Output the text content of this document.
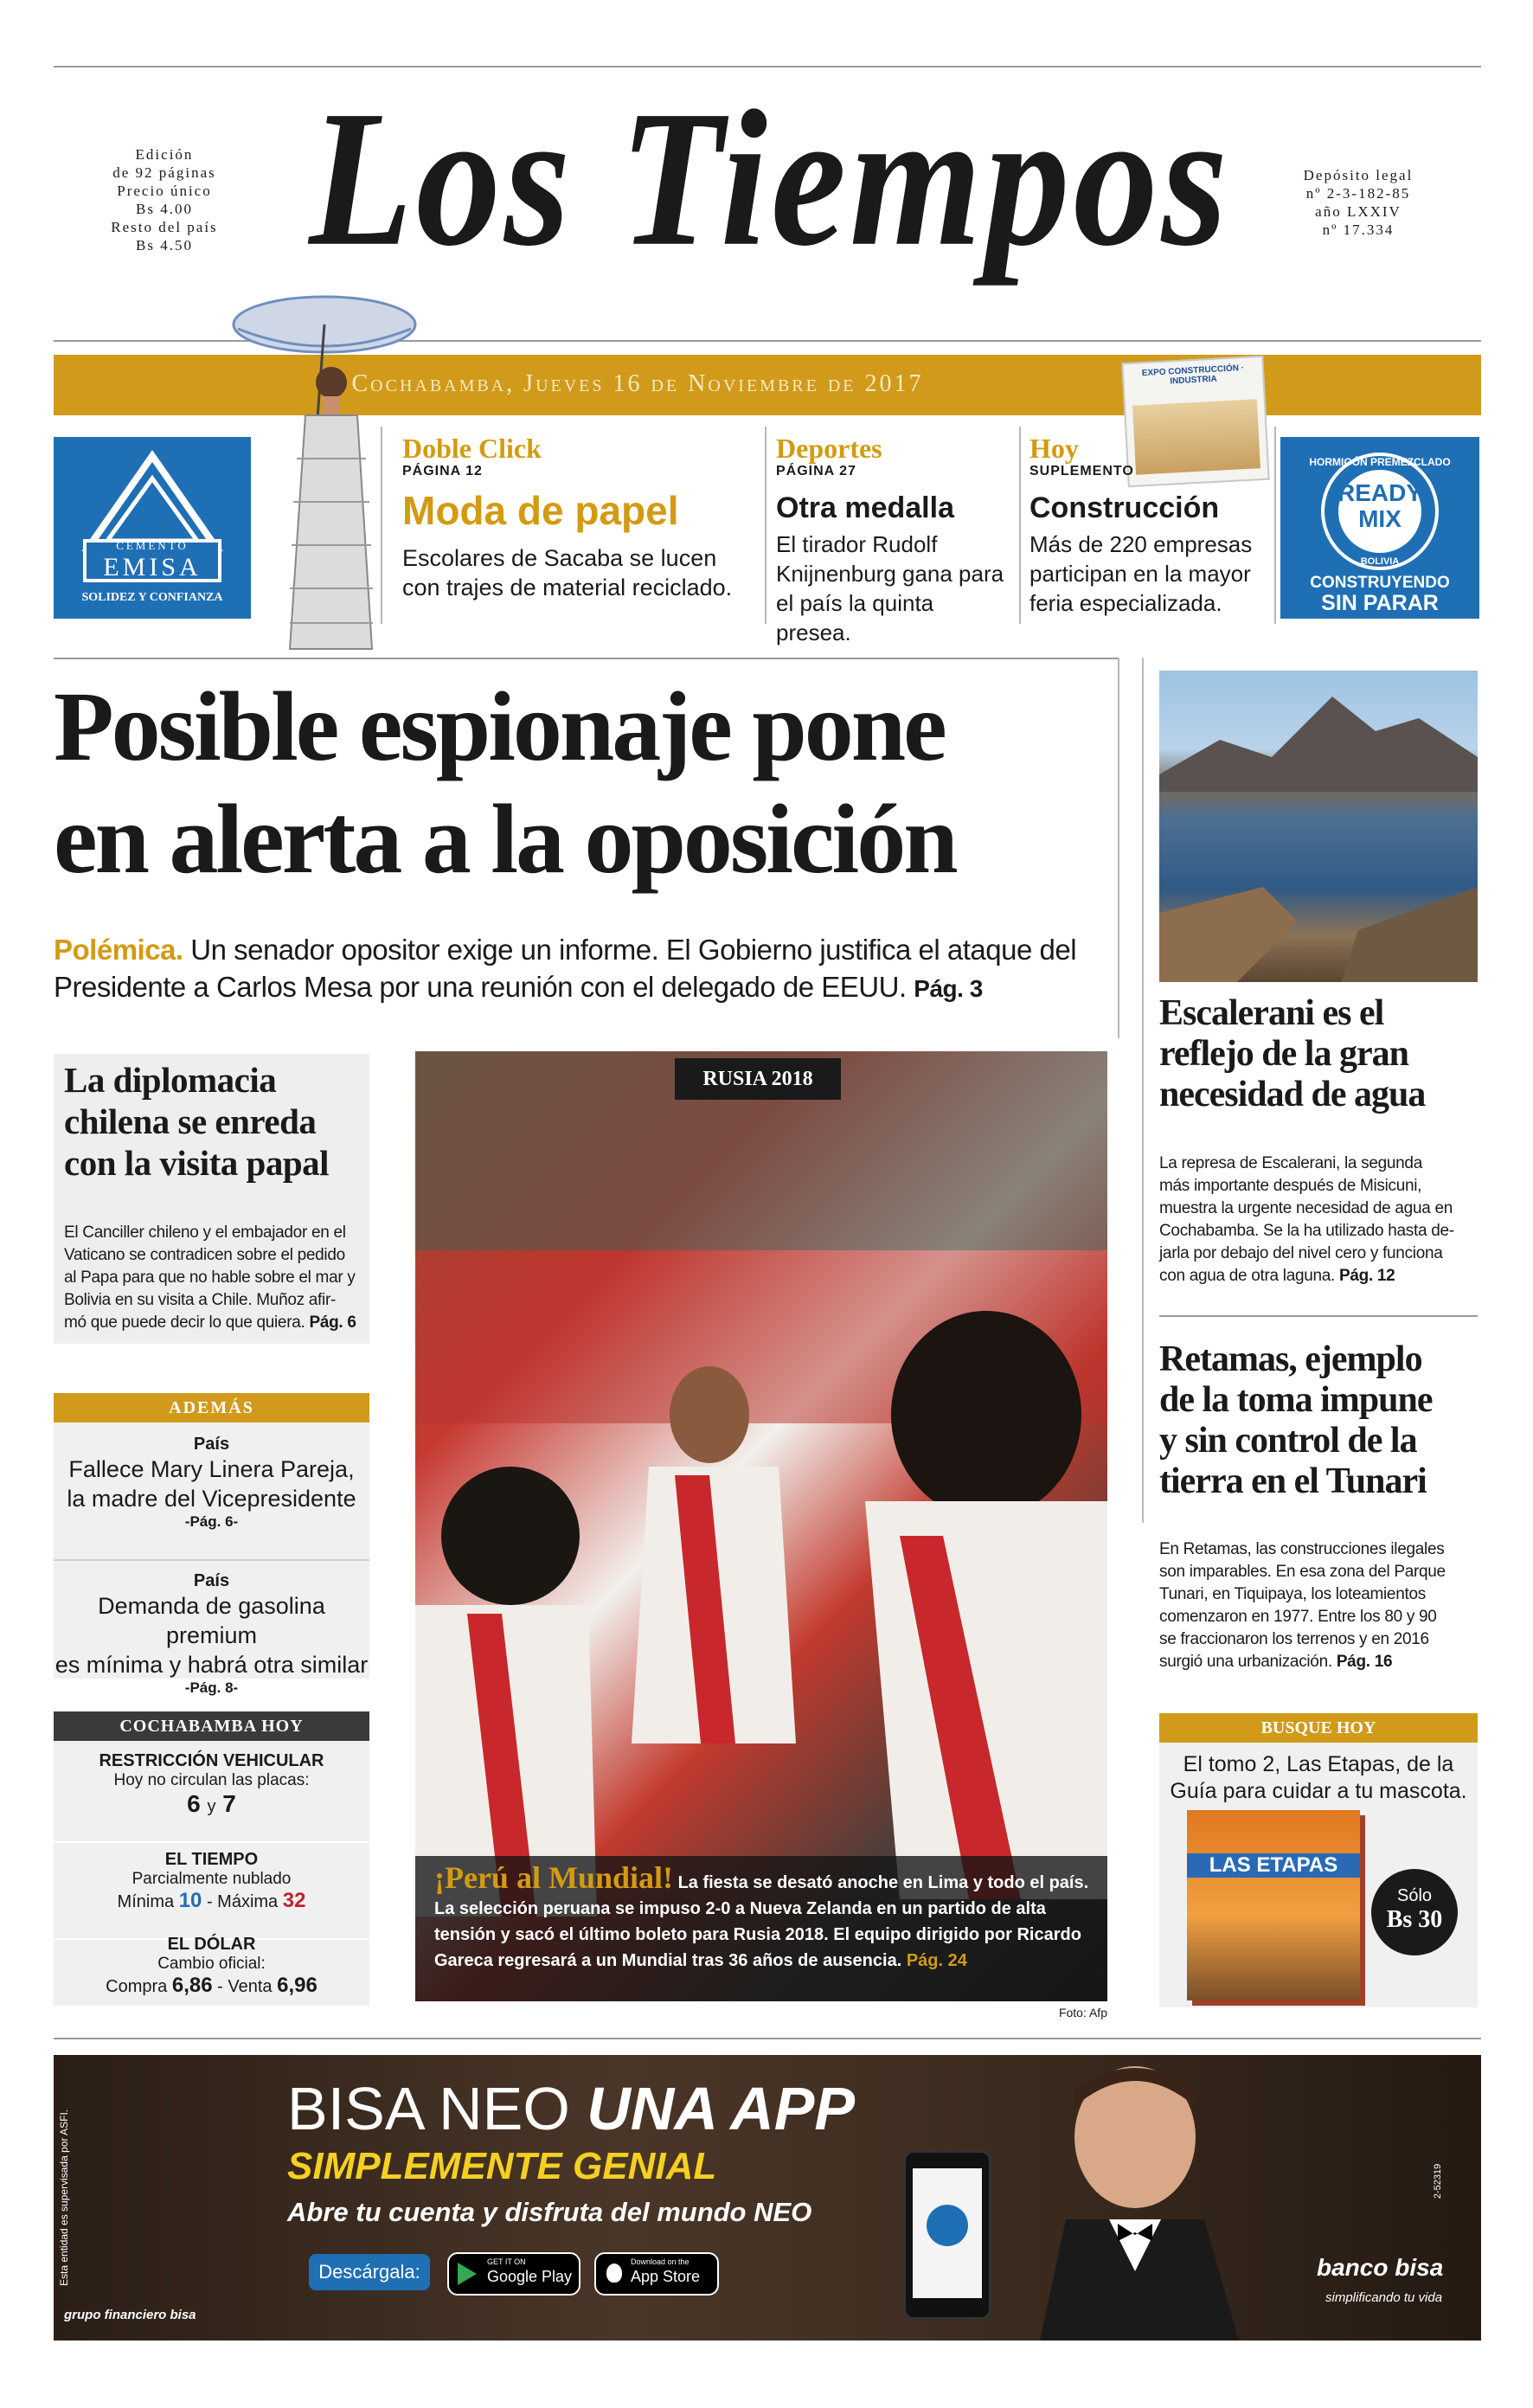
Edición
de 92 páginas
Precio único
Bs 4.00
Resto del país
Bs 4.50 Los Tiempos	Depósito legal
nº 2-3-182-85
año LXXIV
nº 17.334
Cochabamba, Jueves 16 de Noviembre de 2017	EXPO CONSTRUCCIÓN · INDUSTRIA
CEMENTO
EMISA
SOLIDEZ Y CONFIANZA
Doble Click
PÁGINA 12
Moda de papel
Escolares de Sacaba se lucen con trajes de material reciclado.
Deportes
PÁGINA 27
Otra medalla
El tirador Rudolf Knijnenburg gana para el país la quinta presea.
Hoy
SUPLEMENTO
Construcción
Más de 220 empresas participan en la mayor feria especializada.
HORMIGÓN PREMEZCLADO
READY
MIX
BOLIVIA
CONSTRUYENDO
SIN PARAR
Posible espionaje pone
en alerta a la oposición
Polémica. Un senador opositor exige un informe. El Gobierno justifica el ataque del Presidente a Carlos Mesa por una reunión con el delegado de EEUU. Pág. 3
La diplomacia
chilena se enreda
con la visita papal
El Canciller chileno y el embajador en el
Vaticano se contradicen sobre el pedido
al Papa para que no hable sobre el mar y
Bolivia en su visita a Chile. Muñoz afir-
mó que puede decir lo que quiera. Pág. 6
ADEMÁS
País
Fallece Mary Linera Pareja,
la madre del Vicepresidente
-Pág. 6-
País
Demanda de gasolina premium
es mínima y habrá otra similar
-Pág. 8-
COCHABAMBA HOY
RESTRICCIÓN VEHICULAR
Hoy no circulan las placas:
6 y 7
EL TIEMPO
Parcialmente nublado
Mínima 10 - Máxima 32
EL DÓLAR
Cambio oficial:
Compra 6,86 - Venta 6,96
RUSIA 2018
¡Perú al Mundial! La fiesta se desató anoche en Lima y todo el país. La selección peruana se impuso 2-0 a Nueva Zelanda en un partido de alta tensión y sacó el último boleto para Rusia 2018. El equipo dirigido por Ricardo Gareca regresará a un Mundial tras 36 años de ausencia. Pág. 24
Foto: Afp
Escalerani es el
reflejo de la gran
necesidad de agua
La represa de Escalerani, la segunda
más importante después de Misicuni,
muestra la urgente necesidad de agua en
Cochabamba. Se la ha utilizado hasta de-
jarla por debajo del nivel cero y funciona
con agua de otra laguna. Pág. 12
Retamas, ejemplo
de la toma impune
y sin control de la
tierra en el Tunari
En Retamas, las construcciones ilegales
son imparables. En esa zona del Parque
Tunari, en Tiquipaya, los loteamientos
comenzaron en 1977. Entre los 80 y 90
se fraccionaron los terrenos y en 2016
surgió una urbanización. Pág. 16
BUSQUE HOY
El tomo 2, Las Etapas, de la
Guía para cuidar a tu mascota.
LAS ETAPAS
Sólo
Bs 30
Esta entidad es supervisada por ASFI.
BISA NEO UNA APP
SIMPLEMENTE GENIAL
Abre tu cuenta y disfruta del mundo NEO
Descárgala:	GET IT ON
Google Play
Download on the
App Store
grupo financiero bisa
banco bisa
simplificando tu vida
2-52319
